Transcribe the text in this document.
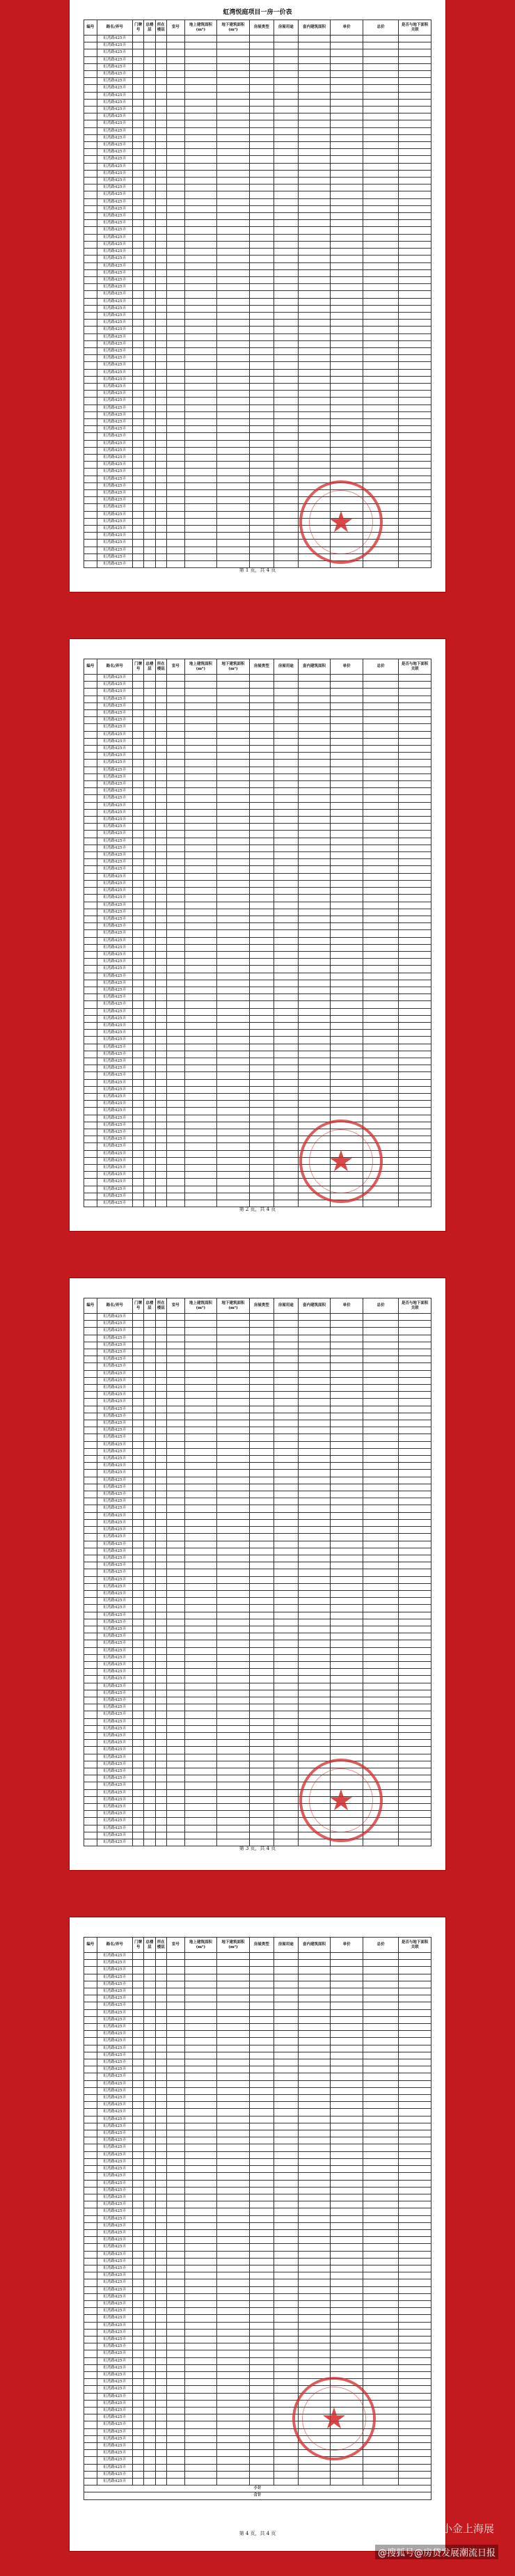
虹湾悦庭项目一房一价表
编号	路名/弄号	门牌号	总楼层	所在楼层	室号	地上建筑面积(m²)	地下建筑面积(m²)	房屋类型	房屋用途	套内建筑面积	单价	总价	是否与地下面积关联
	虹湾路425弄												
	虹湾路425弄												
	虹湾路425弄												
	虹湾路425弄												
	虹湾路425弄												
	虹湾路425弄												
	虹湾路425弄												
	虹湾路425弄												
	虹湾路425弄												
	虹湾路425弄												
	虹湾路425弄												
	虹湾路425弄												
	虹湾路425弄												
	虹湾路425弄												
	虹湾路425弄												
	虹湾路425弄												
	虹湾路425弄												
	虹湾路425弄												
	虹湾路425弄												
	虹湾路425弄												
	虹湾路425弄												
	虹湾路425弄												
	虹湾路425弄												
	虹湾路425弄												
	虹湾路425弄												
	虹湾路425弄												
	虹湾路425弄												
	虹湾路425弄												
	虹湾路425弄												
	虹湾路425弄												
	虹湾路425弄												
	虹湾路425弄												
	虹湾路425弄												
	虹湾路425弄												
	虹湾路425弄												
	虹湾路425弄												
	虹湾路425弄												
	虹湾路425弄												
	虹湾路425弄												
	虹湾路425弄												
	虹湾路425弄												
	虹湾路425弄												
	虹湾路425弄												
	虹湾路425弄												
	虹湾路425弄												
	虹湾路425弄												
	虹湾路425弄												
	虹湾路425弄												
	虹湾路425弄												
	虹湾路425弄												
	虹湾路425弄												
	虹湾路425弄												
	虹湾路425弄												
	虹湾路425弄												
	虹湾路425弄												
	虹湾路425弄												
	虹湾路425弄												
	虹湾路425弄												
	虹湾路425弄												
	虹湾路425弄												
	虹湾路425弄												
	虹湾路425弄												
	虹湾路425弄												
	虹湾路425弄												
	虹湾路425弄												
	虹湾路425弄												
	虹湾路425弄												
	虹湾路425弄												
	虹湾路425弄												
	虹湾路425弄												
	虹湾路425弄												
	虹湾路425弄												
	虹湾路425弄												
	虹湾路425弄												
	虹湾路425弄												
第 1 页，共 4 页
★
编号	路名/弄号	门牌号	总楼层	所在楼层	室号	地上建筑面积(m²)	地下建筑面积(m²)	房屋类型	房屋用途	套内建筑面积	单价	总价	是否与地下面积关联
	虹湾路425弄												
	虹湾路425弄												
	虹湾路425弄												
	虹湾路425弄												
	虹湾路425弄												
	虹湾路425弄												
	虹湾路425弄												
	虹湾路425弄												
	虹湾路425弄												
	虹湾路425弄												
	虹湾路425弄												
	虹湾路425弄												
	虹湾路425弄												
	虹湾路425弄												
	虹湾路425弄												
	虹湾路425弄												
	虹湾路425弄												
	虹湾路425弄												
	虹湾路425弄												
	虹湾路425弄												
	虹湾路425弄												
	虹湾路425弄												
	虹湾路425弄												
	虹湾路425弄												
	虹湾路425弄												
	虹湾路425弄												
	虹湾路425弄												
	虹湾路425弄												
	虹湾路425弄												
	虹湾路425弄												
	虹湾路425弄												
	虹湾路425弄												
	虹湾路425弄												
	虹湾路425弄												
	虹湾路425弄												
	虹湾路425弄												
	虹湾路425弄												
	虹湾路425弄												
	虹湾路425弄												
	虹湾路425弄												
	虹湾路425弄												
	虹湾路425弄												
	虹湾路425弄												
	虹湾路425弄												
	虹湾路425弄												
	虹湾路425弄												
	虹湾路425弄												
	虹湾路425弄												
	虹湾路425弄												
	虹湾路425弄												
	虹湾路425弄												
	虹湾路425弄												
	虹湾路425弄												
	虹湾路425弄												
	虹湾路425弄												
	虹湾路425弄												
	虹湾路425弄												
	虹湾路425弄												
	虹湾路425弄												
	虹湾路425弄												
	虹湾路425弄												
	虹湾路425弄												
	虹湾路425弄												
	虹湾路425弄												
	虹湾路425弄												
	虹湾路425弄												
	虹湾路425弄												
	虹湾路425弄												
	虹湾路425弄												
	虹湾路425弄												
	虹湾路425弄												
	虹湾路425弄												
	虹湾路425弄												
	虹湾路425弄												
	虹湾路425弄												
第 2 页，共 4 页
★
编号	路名/弄号	门牌号	总楼层	所在楼层	室号	地上建筑面积(m²)	地下建筑面积(m²)	房屋类型	房屋用途	套内建筑面积	单价	总价	是否与地下面积关联
	虹湾路425弄												
	虹湾路425弄												
	虹湾路425弄												
	虹湾路425弄												
	虹湾路425弄												
	虹湾路425弄												
	虹湾路425弄												
	虹湾路425弄												
	虹湾路425弄												
	虹湾路425弄												
	虹湾路425弄												
	虹湾路425弄												
	虹湾路425弄												
	虹湾路425弄												
	虹湾路425弄												
	虹湾路425弄												
	虹湾路425弄												
	虹湾路425弄												
	虹湾路425弄												
	虹湾路425弄												
	虹湾路425弄												
	虹湾路425弄												
	虹湾路425弄												
	虹湾路425弄												
	虹湾路425弄												
	虹湾路425弄												
	虹湾路425弄												
	虹湾路425弄												
	虹湾路425弄												
	虹湾路425弄												
	虹湾路425弄												
	虹湾路425弄												
	虹湾路425弄												
	虹湾路425弄												
	虹湾路425弄												
	虹湾路425弄												
	虹湾路425弄												
	虹湾路425弄												
	虹湾路425弄												
	虹湾路425弄												
	虹湾路425弄												
	虹湾路425弄												
	虹湾路425弄												
	虹湾路425弄												
	虹湾路425弄												
	虹湾路425弄												
	虹湾路425弄												
	虹湾路425弄												
	虹湾路425弄												
	虹湾路425弄												
	虹湾路425弄												
	虹湾路425弄												
	虹湾路425弄												
	虹湾路425弄												
	虹湾路425弄												
	虹湾路425弄												
	虹湾路425弄												
	虹湾路425弄												
	虹湾路425弄												
	虹湾路425弄												
	虹湾路425弄												
	虹湾路425弄												
	虹湾路425弄												
	虹湾路425弄												
	虹湾路425弄												
	虹湾路425弄												
	虹湾路425弄												
	虹湾路425弄												
	虹湾路425弄												
	虹湾路425弄												
	虹湾路425弄												
	虹湾路425弄												
	虹湾路425弄												
	虹湾路425弄												
	虹湾路425弄												
第 3 页，共 4 页
★
编号	路名/弄号	门牌号	总楼层	所在楼层	室号	地上建筑面积(m²)	地下建筑面积(m²)	房屋类型	房屋用途	套内建筑面积	单价	总价	是否与地下面积关联
	虹湾路425弄												
	虹湾路425弄												
	虹湾路425弄												
	虹湾路425弄												
	虹湾路425弄												
	虹湾路425弄												
	虹湾路425弄												
	虹湾路425弄												
	虹湾路425弄												
	虹湾路425弄												
	虹湾路425弄												
	虹湾路425弄												
	虹湾路425弄												
	虹湾路425弄												
	虹湾路425弄												
	虹湾路425弄												
	虹湾路425弄												
	虹湾路425弄												
	虹湾路425弄												
	虹湾路425弄												
	虹湾路425弄												
	虹湾路425弄												
	虹湾路425弄												
	虹湾路425弄												
	虹湾路425弄												
	虹湾路425弄												
	虹湾路425弄												
	虹湾路425弄												
	虹湾路425弄												
	虹湾路425弄												
	虹湾路425弄												
	虹湾路425弄												
	虹湾路425弄												
	虹湾路425弄												
	虹湾路425弄												
	虹湾路425弄												
	虹湾路425弄												
	虹湾路425弄												
	虹湾路425弄												
	虹湾路425弄												
	虹湾路425弄												
	虹湾路425弄												
	虹湾路425弄												
	虹湾路425弄												
	虹湾路425弄												
	虹湾路425弄												
	虹湾路425弄												
	虹湾路425弄												
	虹湾路425弄												
	虹湾路425弄												
	虹湾路425弄												
	虹湾路425弄												
	虹湾路425弄												
	虹湾路425弄												
	虹湾路425弄												
	虹湾路425弄												
	虹湾路425弄												
	虹湾路425弄												
	虹湾路425弄												
	虹湾路425弄												
	虹湾路425弄												
	虹湾路425弄												
	虹湾路425弄												
	虹湾路425弄												
	虹湾路425弄												
	虹湾路425弄												
	虹湾路425弄												
	虹湾路425弄												
	虹湾路425弄												
	虹湾路425弄												
	虹湾路425弄												
	虹湾路425弄												
	虹湾路425弄												
	虹湾路425弄												
	虹湾路425弄												
小计													
合计													
第 4 页，共 4 页
★
◉ 公众号 · 小金上海展
@搜狐号@房贷发展潮流日报
